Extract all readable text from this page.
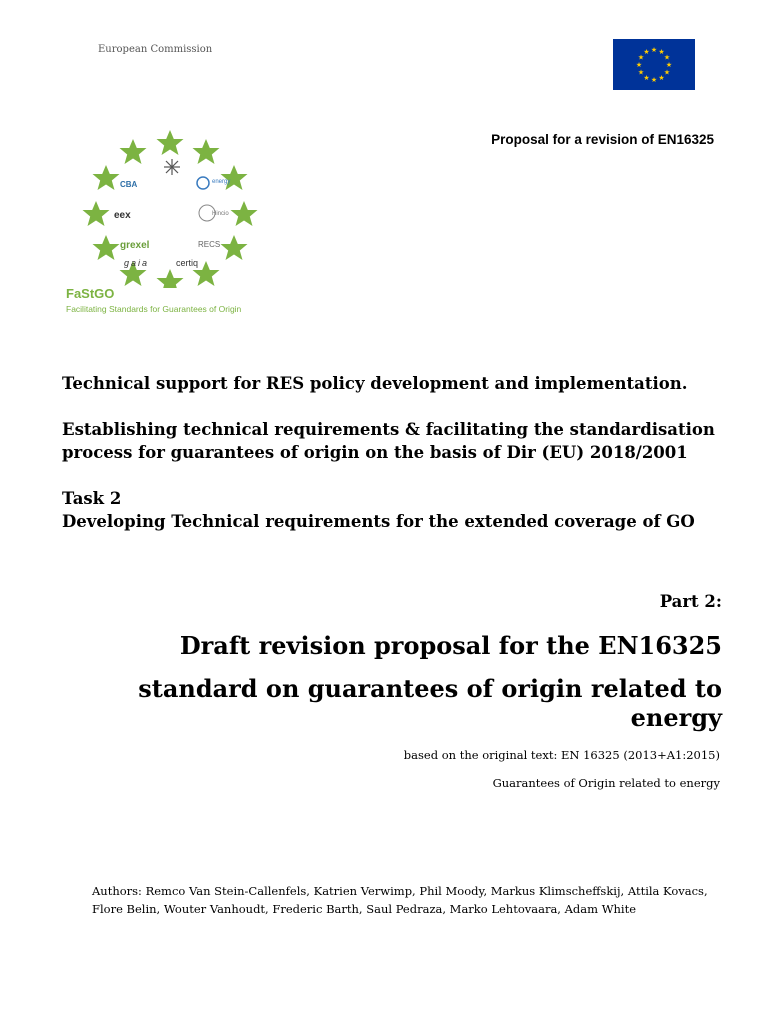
European Commission	★ ★
★
★
★
★
★
★
★
★
★
★
Proposal for a revision of EN16325
CBA
eex
grexel
gaia	certiq
RECS
Hincio
energy
FaStGO
Facilitating Standards for Guarantees of Origin
Technical support for RES policy development and implementation.
Establishing technical requirements & facilitating the standardisation process for guarantees of origin on the basis of Dir (EU) 2018/2001
Task 2
Developing Technical requirements for the extended coverage of GO
Part 2:
Draft revision proposal for the EN16325
standard on guarantees of origin related to energy
based on the original text: EN 16325 (2013+A1:2015)
Guarantees of Origin related to energy
Authors: Remco Van Stein-Callenfels, Katrien Verwimp, Phil Moody, Markus Klimscheffskij, Attila Kovacs, Flore Belin, Wouter Vanhoudt, Frederic Barth, Saul Pedraza, Marko Lehtovaara, Adam White
